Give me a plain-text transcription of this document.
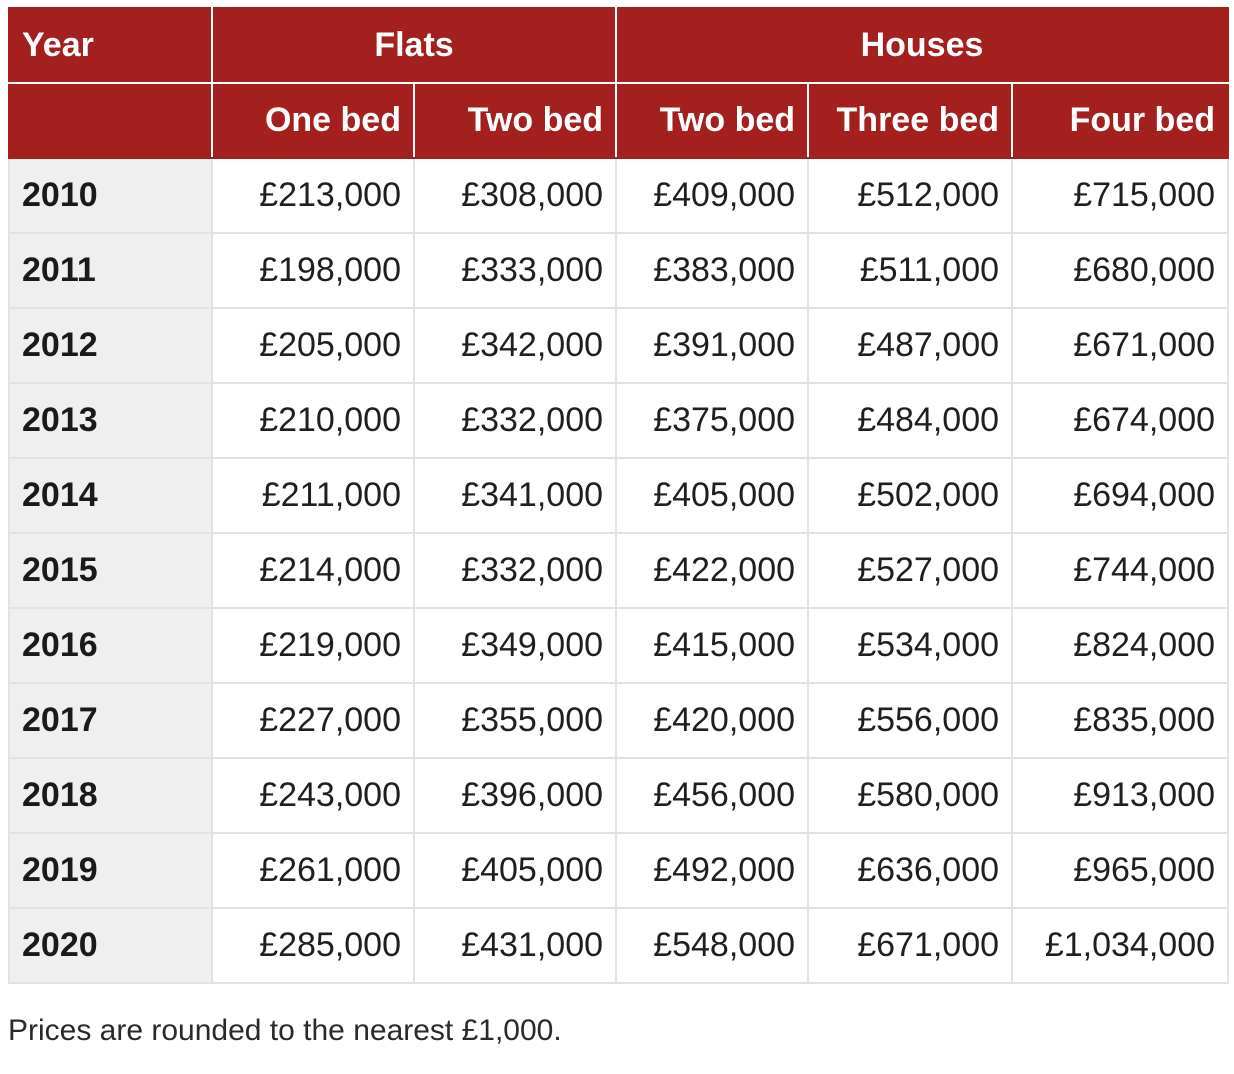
Year	Flats		Houses		
	One bed	Two bed	Two bed	Three bed	Four bed
2010	£213,000	£308,000	£409,000	£512,000	£715,000
2011	£198,000	£333,000	£383,000	£511,000	£680,000
2012	£205,000	£342,000	£391,000	£487,000	£671,000
2013	£210,000	£332,000	£375,000	£484,000	£674,000
2014	£211,000	£341,000	£405,000	£502,000	£694,000
2015	£214,000	£332,000	£422,000	£527,000	£744,000
2016	£219,000	£349,000	£415,000	£534,000	£824,000
2017	£227,000	£355,000	£420,000	£556,000	£835,000
2018	£243,000	£396,000	£456,000	£580,000	£913,000
2019	£261,000	£405,000	£492,000	£636,000	£965,000
2020	£285,000	£431,000	£548,000	£671,000	£1,034,000
Prices are rounded to the nearest £1,000.
